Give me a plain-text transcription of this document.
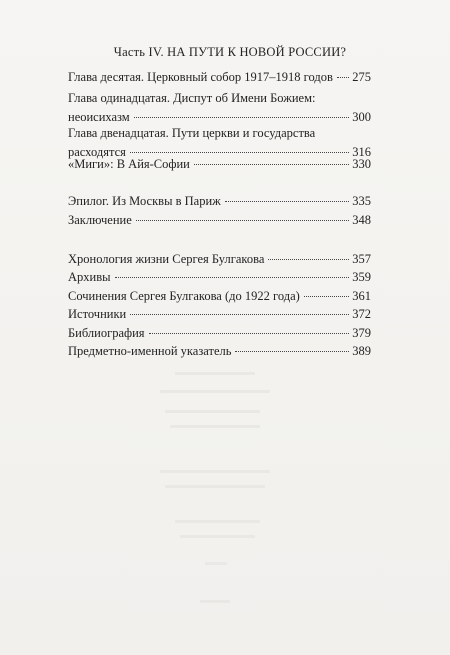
Часть IV. НА ПУТИ К НОВОЙ РОССИИ?
Глава десятая. Церковный собор 1917–1918 годов 275
Глава одинадцатая. Диспут об Имени Божием:
неоисихазм	300
Глава двенадцатая. Пути церкви и государства
расходятся	316
«Миги»: В Айя-Софии	330
Эпилог. Из Москвы в Париж	335
Заключение	348
Хронология жизни Сергея Булгакова	357
Архивы	359
Сочинения Сергея Булгакова (до 1922 года)	361
Источники	372
Библиография	379
Предметно-именной указатель	389
